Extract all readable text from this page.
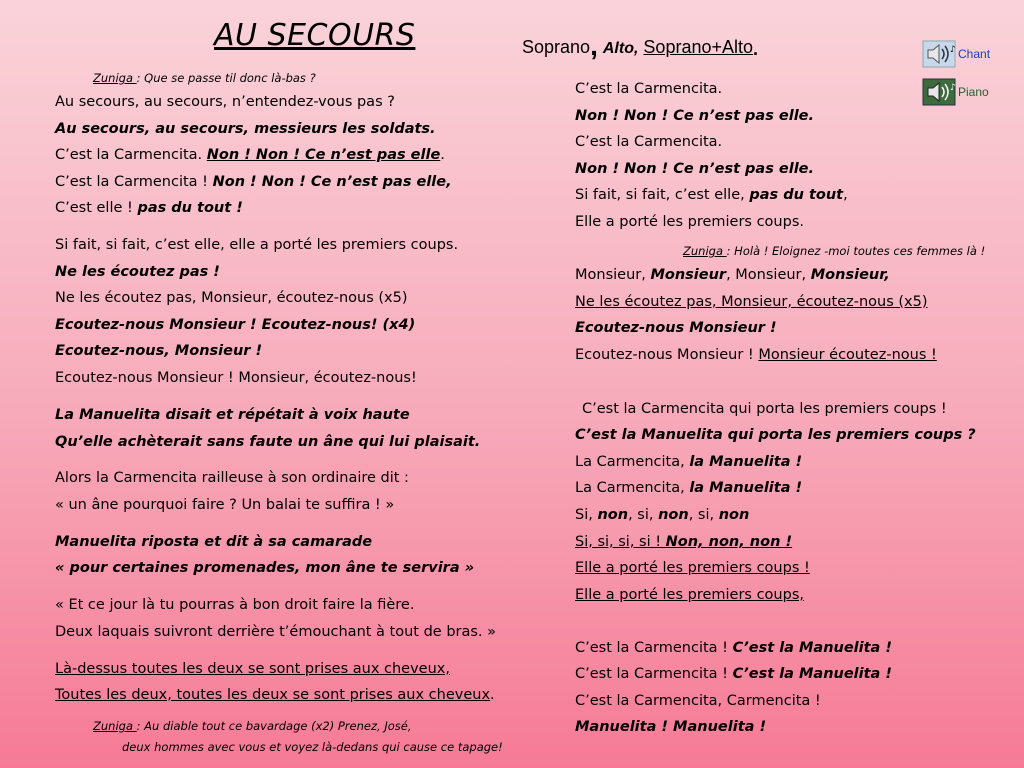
AU SECOURS	Soprano, Alto, Soprano+Alto.	♪ Chant
♪ Piano
Zuniga : Que se passe til donc là-bas ?
Au secours, au secours, n’entendez-vous pas ?
Au secours, au secours, messieurs les soldats.
C’est la Carmencita. Non ! Non ! Ce n’est pas elle.
C’est la Carmencita ! Non ! Non ! Ce n’est pas elle,
C’est elle ! pas du tout !
Si fait, si fait, c’est elle, elle a porté les premiers coups.
Ne les écoutez pas !
Ne les écoutez pas, Monsieur, écoutez-nous (x5)
Ecoutez-nous Monsieur ! Ecoutez-nous! (x4)
Ecoutez-nous, Monsieur !
Ecoutez-nous Monsieur ! Monsieur, écoutez-nous!
La Manuelita disait et répétait à voix haute
Qu’elle achèterait sans faute un âne qui lui plaisait.
Alors la Carmencita railleuse à son ordinaire dit :
« un âne pourquoi faire ? Un balai te suffira ! »
Manuelita riposta et dit à sa camarade
« pour certaines promenades, mon âne te servira »
« Et ce jour là tu pourras à bon droit faire la fière.
Deux laquais suivront derrière t’émouchant à tout de bras. »
Là-dessus toutes les deux se sont prises aux cheveux,
Toutes les deux, toutes les deux se sont prises aux cheveux.
Zuniga : Au diable tout ce bavardage (x2) Prenez, José,
deux hommes avec vous et voyez là-dedans qui cause ce tapage!
C’est la Carmencita.
Non ! Non ! Ce n’est pas elle.
C’est la Carmencita.
Non ! Non ! Ce n’est pas elle.
Si fait, si fait, c’est elle, pas du tout,
Elle a porté les premiers coups.
Zuniga : Holà ! Eloignez -moi toutes ces femmes là !
Monsieur, Monsieur, Monsieur, Monsieur,
Ne les écoutez pas, Monsieur, écoutez-nous (x5)
Ecoutez-nous Monsieur !
Ecoutez-nous Monsieur ! Monsieur écoutez-nous !
C’est la Carmencita qui porta les premiers coups !
C’est la Manuelita qui porta les premiers coups ?
La Carmencita, la Manuelita !
La Carmencita, la Manuelita !
Si, non, si, non, si, non
Si, si, si, si ! Non, non, non !
Elle a porté les premiers coups !
Elle a porté les premiers coups,
C’est la Carmencita ! C’est la Manuelita !
C’est la Carmencita ! C’est la Manuelita !
C’est la Carmencita, Carmencita !
Manuelita ! Manuelita !
